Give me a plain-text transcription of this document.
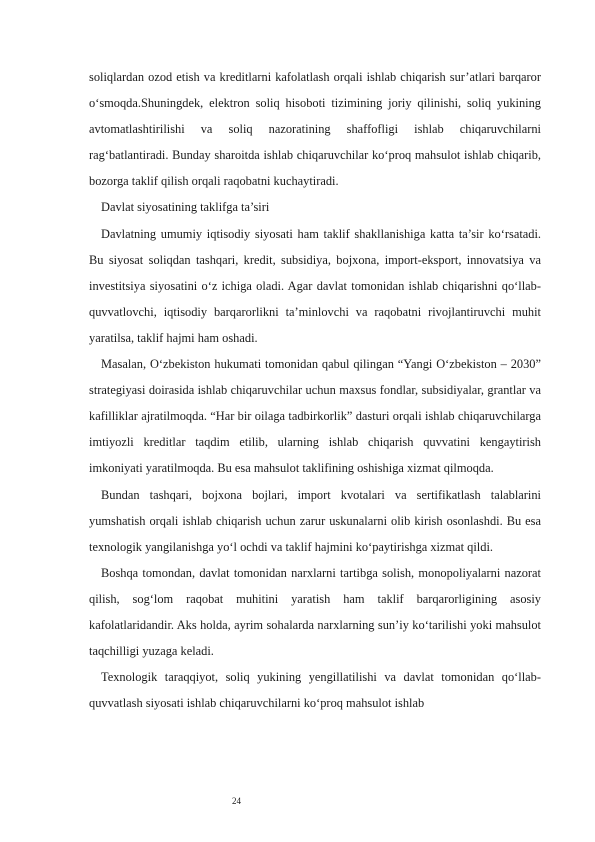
soliqlardan ozod etish va kreditlarni kafolatlash orqali ishlab chiqarish sur’atlari barqaror o‘smoqda.Shuningdek, elektron soliq hisoboti tizimining joriy qilinishi, soliq yukining avtomatlashtirilishi va soliq nazoratining shaffofligi ishlab chiqaruvchilarni rag‘batlantiradi. Bunday sharoitda ishlab chiqaruvchilar ko‘proq mahsulot ishlab chiqarib, bozorga taklif qilish orqali raqobatni kuchaytiradi.

Davlat siyosatining taklifga ta’siri

Davlatning umumiy iqtisodiy siyosati ham taklif shakllanishiga katta ta’sir ko‘rsatadi. Bu siyosat soliqdan tashqari, kredit, subsidiya, bojxona, import-eksport, innovatsiya va investitsiya siyosatini o‘z ichiga oladi. Agar davlat tomonidan ishlab chiqarishni qo‘llab-quvvatlovchi, iqtisodiy barqarorlikni ta’minlovchi va raqobatni rivojlantiruvchi muhit yaratilsa, taklif hajmi ham oshadi.

Masalan, O‘zbekiston hukumati tomonidan qabul qilingan “Yangi O‘zbekiston – 2030” strategiyasi doirasida ishlab chiqaruvchilar uchun maxsus fondlar, subsidiyalar, grantlar va kafilliklar ajratilmoqda. “Har bir oilaga tadbirkorlik” dasturi orqali ishlab chiqaruvchilarga imtiyozli kreditlar taqdim etilib, ularning ishlab chiqarish quvvatini kengaytirish imkoniyati yaratilmoqda. Bu esa mahsulot taklifining oshishiga xizmat qilmoqda.

Bundan tashqari, bojxona bojlari, import kvotalari va sertifikatlash talablarini yumshatish orqali ishlab chiqarish uchun zarur uskunalarni olib kirish osonlashdi. Bu esa texnologik yangilanishga yo‘l ochdi va taklif hajmini ko‘paytirishga xizmat qildi.

Boshqa tomondan, davlat tomonidan narxlarni tartibga solish, monopoliyalarni nazorat qilish, sog‘lom raqobat muhitini yaratish ham taklif barqarorligining asosiy kafolatlaridandir. Aks holda, ayrim sohalarda narxlarning sun’iy ko‘tarilishi yoki mahsulot taqchilligi yuzaga keladi.

Texnologik taraqqiyot, soliq yukining yengillatilishi va davlat tomonidan qo‘llab-quvvatlash siyosati ishlab chiqaruvchilarni ko‘proq mahsulot ishlab

24
